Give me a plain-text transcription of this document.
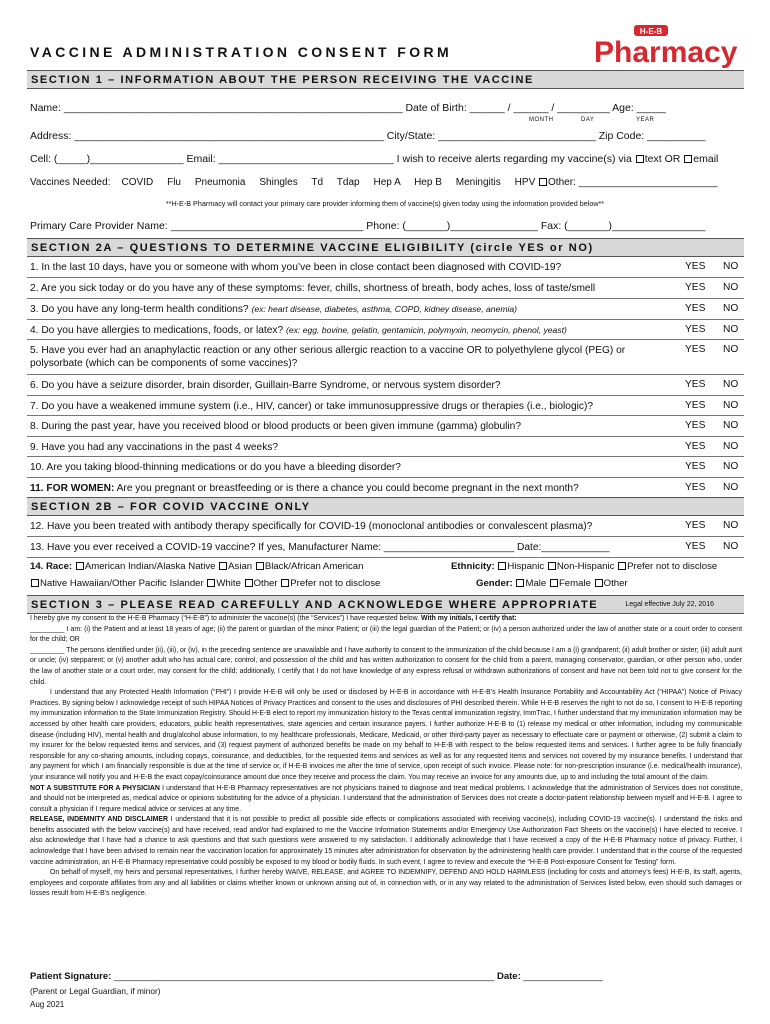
VACCINE ADMINISTRATION CONSENT FORM
H-E-B
Pharmacy
SECTION 1 – INFORMATION ABOUT THE PERSON RECEIVING THE VACCINE
Name: __________________________________________________________ Date of Birth: ______ / ______ / _________ Age: _____
MONTH	DAY	YEAR
Address: _____________________________________________________ City/State: ___________________________ Zip Code: __________
Cell: (_____)________________ Email: ______________________________ I wish to receive alerts regarding my vaccine(s) via text OR email
Vaccines Needed:    COVID     Flu     Pneumonia     Shingles     Td     Tdap     Hep A     Hep B     Meningitis     HPV Other: _________________________
**H-E-B Pharmacy will contact your primary care provider informing them of vaccine(s) given today using the information provided below**
Primary Care Provider Name: _________________________________ Phone: (_______)_______________ Fax: (_______)________________
SECTION 2A – QUESTIONS TO DETERMINE VACCINE ELIGIBILITY (circle YES or NO)
1. In the last 10 days, have you or someone with whom you’ve been in close contact been diagnosed with COVID-19?	YES NO
2. Are you sick today or do you have any of these symptoms: fever, chills, shortness of breath, body aches, loss of taste/smell	YES NO
3. Do you have any long-term health conditions? (ex: heart disease, diabetes, asthma, COPD, kidney disease, anemia)	YES NO
4. Do you have allergies to medications, foods, or latex? (ex: egg, bovine, gelatin, gentamicin, polymyxin, neomycin, phenol, yeast)	YES NO
5. Have you ever had an anaphylactic reaction or any other serious allergic reaction to a vaccine OR to polyethylene glycol (PEG) or polysorbate (which can be components of some vaccines)?
YES NO
6. Do you have a seizure disorder, brain disorder, Guillain-Barre Syndrome, or nervous system disorder?	YES NO
7. Do you have a weakened immune system (i.e., HIV, cancer) or take immunosuppressive drugs or therapies (i.e., biologic)?	YES NO
8. During the past year, have you received blood or blood products or been given immune (gamma) globulin?	YES NO
9. Have you had any vaccinations in the past 4 weeks?	YES NO
10. Are you taking blood-thinning medications or do you have a bleeding disorder?	YES NO
11. FOR WOMEN: Are you pregnant or breastfeeding or is there a chance you could become pregnant in the next month?	YES NO
SECTION 2B – FOR COVID VACCINE ONLY
12. Have you been treated with antibody therapy specifically for COVID-19 (monoclonal antibodies or convalescent plasma)?	YES NO
13. Have you ever received a COVID-19 vaccine? If yes, Manufacturer Name: _______________________ Date:____________	YES NO
14. Race: American Indian/Alaska Native Asian Black/African American	Ethnicity: Hispanic Non-Hispanic Prefer not to disclose
Native Hawaiian/Other Pacific Islander White Other Prefer not to disclose	Gender: Male Female Other
SECTION 3 – PLEASE READ CAREFULLY AND ACKNOWLEDGE WHERE APPROPRIATE	Legal effective July 22, 2016

I hereby give my consent to the H-E-B Pharmacy (“H-E-B”) to administer the vaccine(s) (the “Services”) I have requested below. With my initials, I certify that:

_________ I am: (i) the Patient and at least 18 years of age; (ii) the parent or guardian of the minor Patient; or (iii) the legal guardian of the Patient; or (iv) a person authorized under the law of another state or a court order to consent for the child; OR

_________ The persons identified under (ii), (iii), or (iv), in the preceding sentence are unavailable and I have authority to consent to the immunization of the child because I am a (i) grandparent; (ii) adult brother or sister; (iii) adult aunt or uncle; (iv) stepparent; or (v) another adult who has actual care, control, and possession of the child and has written authorization to consent for the child from a parent, managing conservator, guardian, or other person who, under the law of another state or a court order, may consent for the child; additionally, I certify that I do not have knowledge of any express refusal or withdrawn authorizations of consent and have not been told not to give consent for the child.

I understand that any Protected Health Information (“PHI”) I provide H-E-B will only be used or disclosed by H-E-B in accordance with H-E-B’s Health Insurance Portability and Accountability Act (“HIPAA”) Notice of Privacy Practices. By signing below I acknowledge receipt of such HIPAA Notices of Privacy Practices and consent to the uses and disclosures of PHI described therein. While H-E-B reserves the right to not do so, I consent to H-E-B reporting my immunization information to the State Immunization Registry. Should H-E-B elect to report my immunization history to the Texas central immunization registry, ImmTrac, I further understand that my immunization information may be accessed by other health care providers, educators, public health representatives, state agencies and certain insurance payers. I further authorize H-E-B to (1) release my medical or other information, including my communicable disease (including HIV), mental health and drug/alcohol abuse information, to my healthcare professionals, Medicare, Medicaid, or other third-party payer as necessary to effectuate care or payment or otherwise, (2) submit a claim to my insurer for the below requested items and services, and (3) request payment of authorized benefits be made on my behalf to H-E-B with respect to the below requested items and services. I further agree to be fully financially responsible for any co-sharing amounts, including copays, coinsurance, and deductibles, for the requested items and services as well as for any requested items and services not covered by my insurance benefits. I understand that any payment for which I am financially responsible is due at the time of service or, if H-E-B invoices me after the time of service, upon receipt of such invoice. Please note: for non-prescription insurance (i.e. medical/health insurance), your insurance will notify you and H-E-B the exact copay/coinsurance amount due once they receive and process the claim. You may receive an invoice for any amounts due, up to and including the total amount of the claim.

NOT A SUBSTITUTE FOR A PHYSICIAN I understand that H-E-B Pharmacy representatives are not physicians trained to diagnose and treat medical problems. I acknowledge that the administration of Services does not constitute, and should not be interpreted as, medical advice or opinions substituting for the advice of a physician. I understand that the administration of Services does not create a doctor-patient relationship between myself and H-E-B. I agree to consult a physician if I require medical advice or services at any time.

RELEASE, INDEMNITY AND DISCLAIMER I understand that it is not possible to predict all possible side effects or complications associated with receiving vaccine(s), including COVID-19 vaccine(s). I understand the risks and benefits associated with the below vaccine(s) and have received, read and/or had explained to me the Vaccine Information Statements and/or Emergency Use Authorization Fact Sheets on the vaccine(s) I have elected to receive. I also acknowledge that I have had a chance to ask questions and that such questions were answered to my satisfaction. I additionally acknowledge that I have received a copy of the H-E-B Pharmacy notice of privacy. Further, I acknowledge that I have been advised to remain near the vaccination location for approximately 15 minutes after administration for observation by the administering health care provider. I understand that in the course of the requested vaccine administration, an H-E-B Pharmacy representative could possibly be exposed to my blood or bodily fluids. In such event, I agree to review and execute the “H-E-B Post-exposure Consent for Testing” form.

On behalf of myself, my heirs and personal representatives, I further hereby WAIVE, RELEASE, and AGREE TO INDEMNIFY, DEFEND AND HOLD HARMLESS (including for costs and attorney’s fees) H-E-B, its staff, agents, employees and corporate affiliates from any and all liabilities or claims whether known or unknown arising out of, in connection with, or in any way related to the administration of Services listed below, even should such damages or losses result from H-E-B’s negligence.

Patient Signature: ________________________________________________________________________ Date: _______________
(Parent or Legal Guardian, if minor)
Aug 2021
